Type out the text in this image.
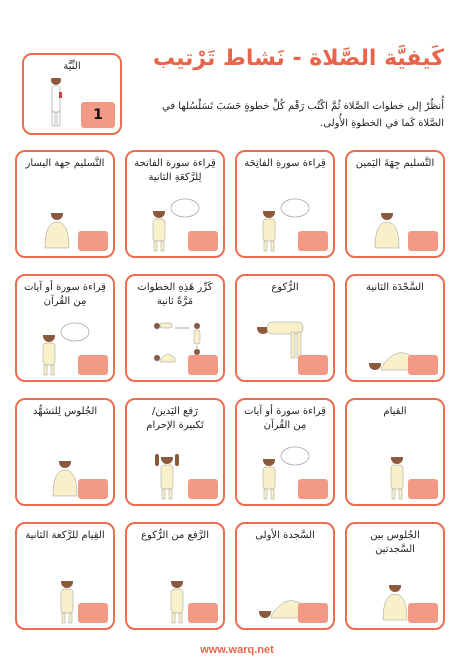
كَيفيَّة الصَّلاة - نَشاط تَرْتيب
أُنظُرْ إلى خطوات الصَّلاة ثُمَّ اكْتُب رَقْم كُلِّ خطوةٍ حَسَبَ تَسَلْسُلها في الصَّلاة كَما في الخطوةِ الأُولى.
النِّيَّة
1
التَّسليم جِهَةَ اليَمين
قِراءة سورةِ الفاتِحَة
قِراءة سورة الفاتحة
لِلرَّكعَةِ الثانية
التَّسليم جهة اليسار
السَّجْدَة الثانية
الرُّكوع
كَرِّر هَذِهِ الخطوات
مَرَّةً ثانية
قِراءة سورة أو آيات
مِن القُرآن
القيام
قِراءة سورة أو آيات
مِن القُرآن
رَفع اليَدين/
تَكبيرة الإحرام
الجُلوس لِلتشهُّد
الجُلوس بين السَّجدتين
السَّجدة الأولى
الرَّفع من الرُّكوع
القِيام للرَّكعة الثانية
www.warq.net
